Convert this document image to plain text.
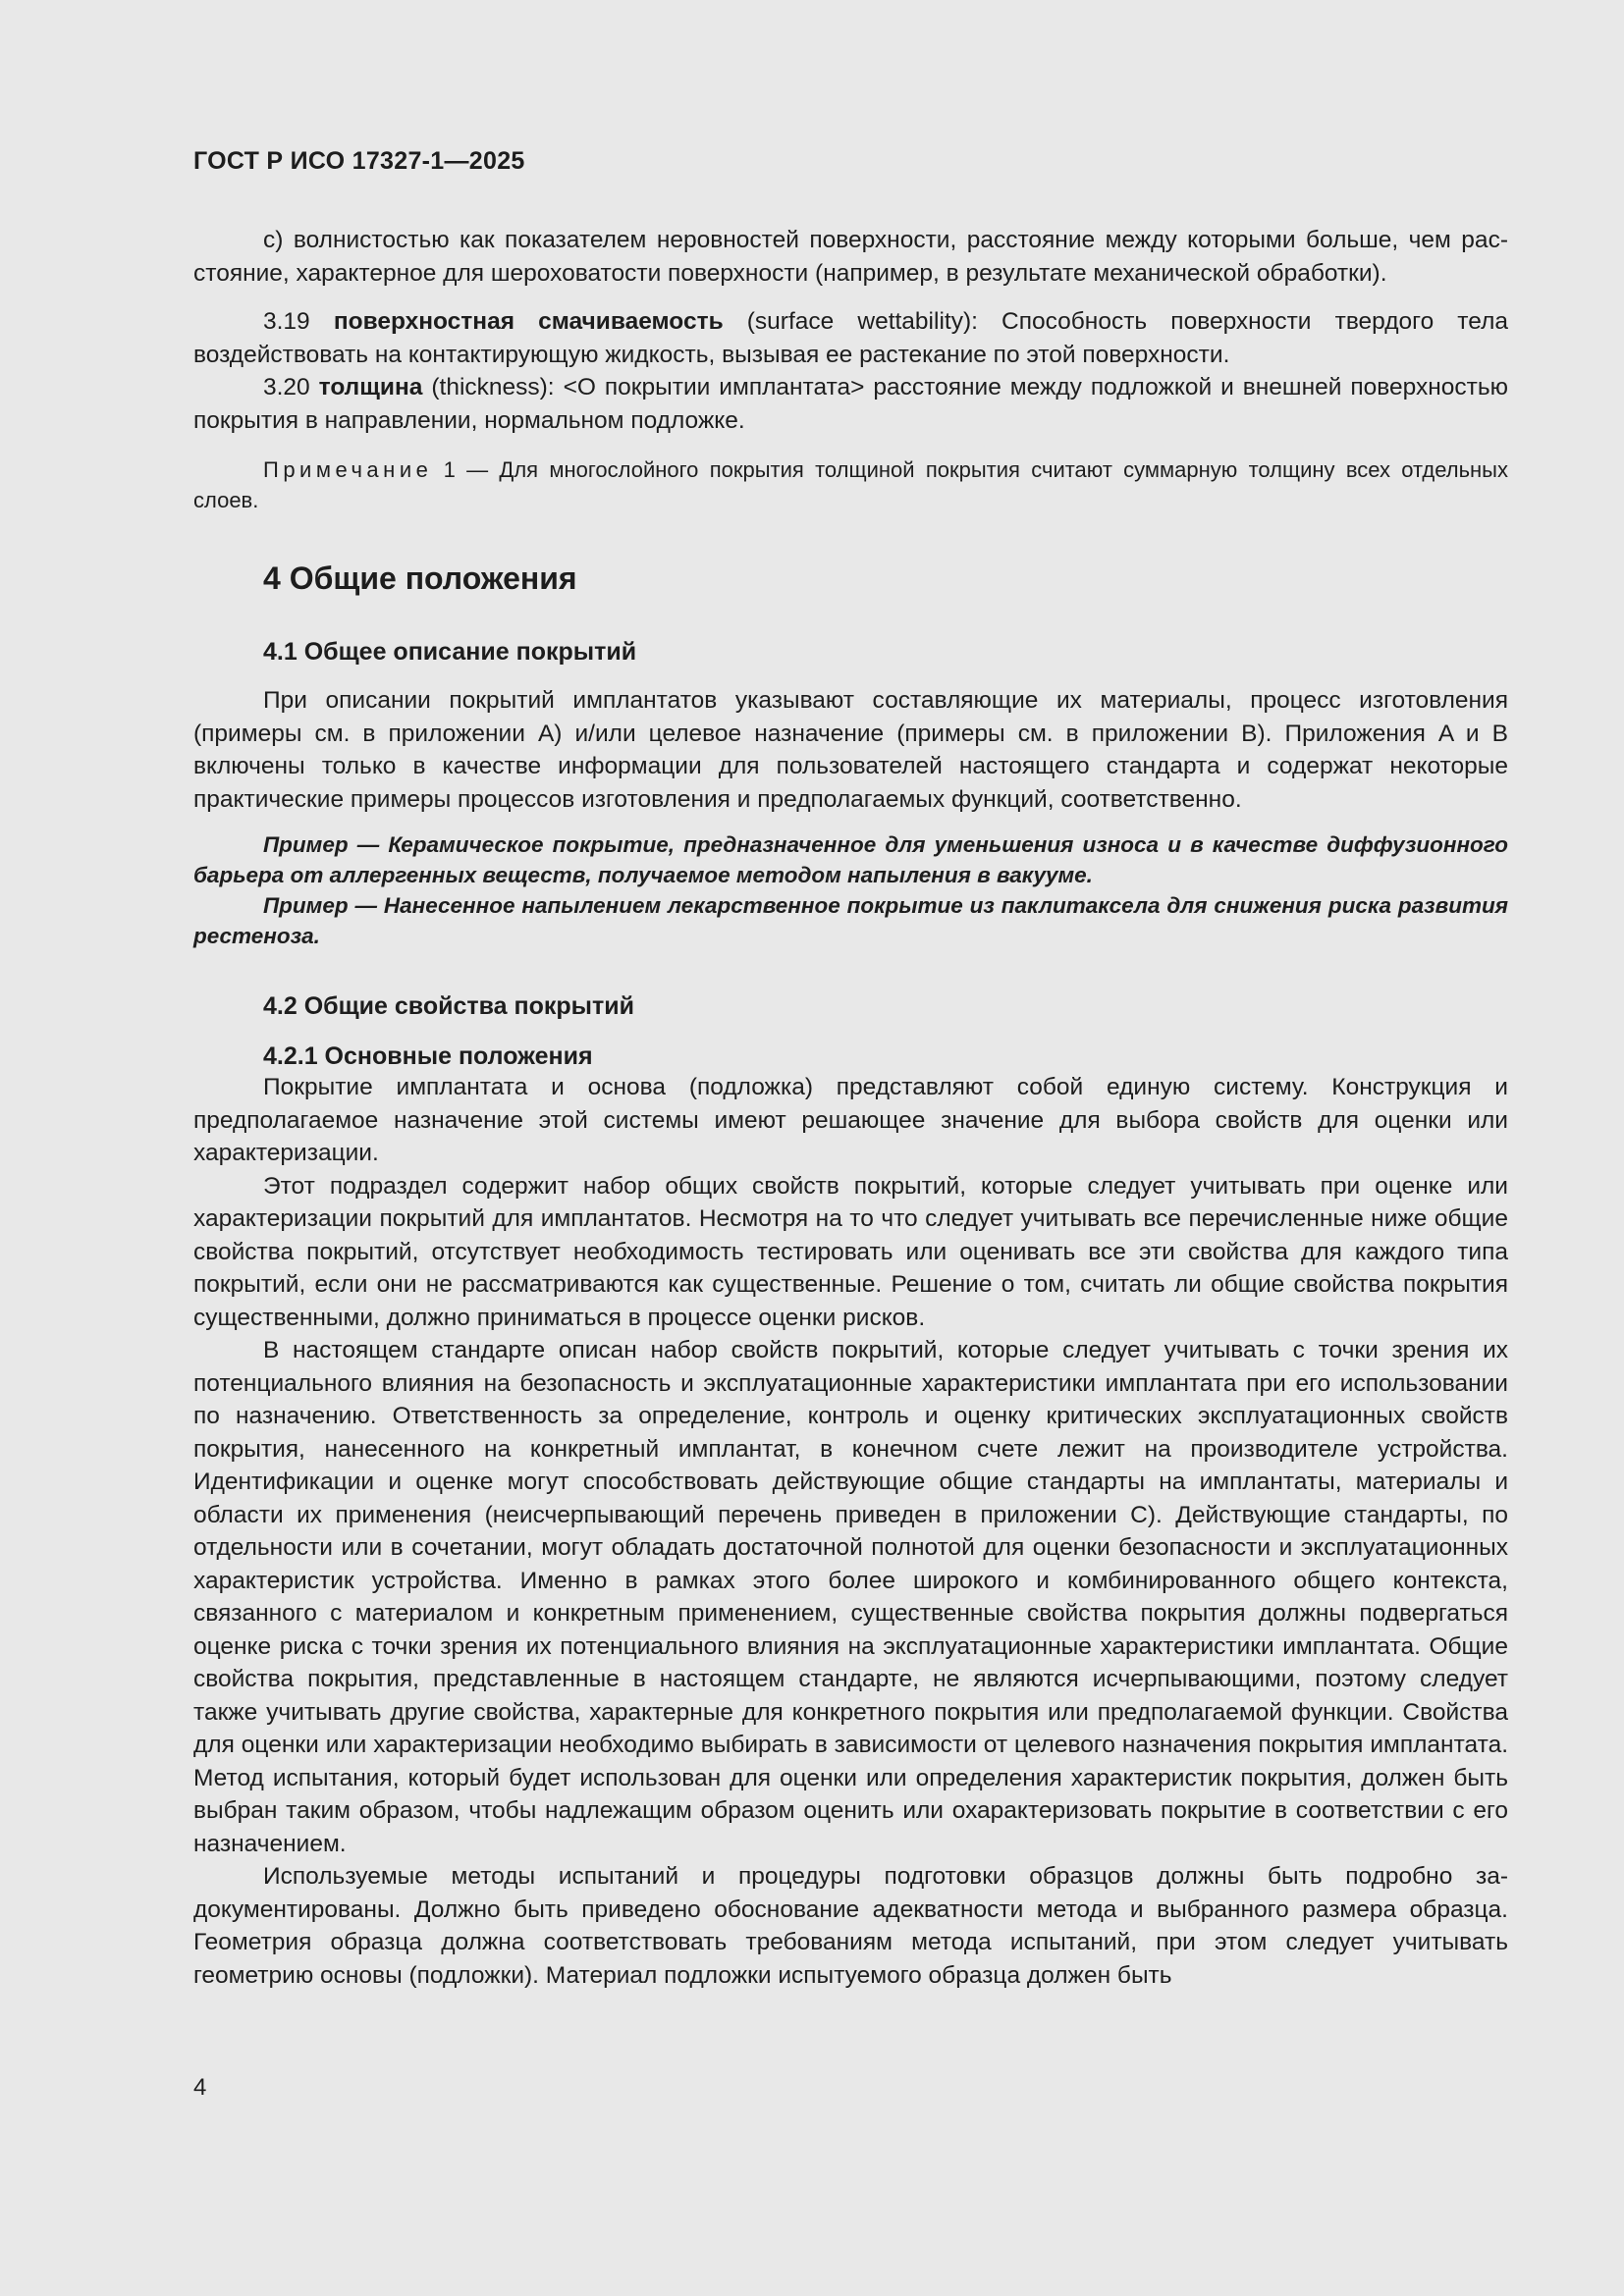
ГОСТ Р ИСО 17327-1—2025

c) волнистостью как показателем неровностей поверхности, расстояние между которыми больше, чем расстояние, характерное для шероховатости поверхности (например, в результате механической обработки).

3.19 поверхностная смачиваемость (surface wettability): Способность поверхности твердого тела воздействовать на контактирующую жидкость, вызывая ее растекание по этой поверхности.

3.20 толщина (thickness): <О покрытии имплантата> расстояние между подложкой и внешней поверхностью покрытия в направлении, нормальном подложке.

Примечание 1 — Для многослойного покрытия толщиной покрытия считают суммарную толщину всех отдельных слоев.

4 Общие положения
4.1 Общее описание покрытий

При описании покрытий имплантатов указывают составляющие их материалы, процесс изготовления (примеры см. в приложении A) и/или целевое назначение (примеры см. в приложении B). Приложения A и B включены только в качестве информации для пользователей настоящего стандарта и содержат некоторые практические примеры процессов изготовления и предполагаемых функций, соответственно.

Пример — Керамическое покрытие, предназначенное для уменьшения износа и в качестве диффузионного барьера от аллергенных веществ, получаемое методом напыления в вакууме.

Пример — Нанесенное напылением лекарственное покрытие из паклитаксела для снижения риска развития рестеноза.

4.2 Общие свойства покрытий
4.2.1 Основные положения

Покрытие имплантата и основа (подложка) представляют собой единую систему. Конструкция и предполагаемое назначение этой системы имеют решающее значение для выбора свойств для оценки или характеризации.

Этот подраздел содержит набор общих свойств покрытий, которые следует учитывать при оценке или характеризации покрытий для имплантатов. Несмотря на то что следует учитывать все перечисленные ниже общие свойства покрытий, отсутствует необходимость тестировать или оценивать все эти свойства для каждого типа покрытий, если они не рассматриваются как существенные. Решение о том, считать ли общие свойства покрытия существенными, должно приниматься в процессе оценки рисков.

В настоящем стандарте описан набор свойств покрытий, которые следует учитывать с точки зрения их потенциального влияния на безопасность и эксплуатационные характеристики имплантата при его использовании по назначению. Ответственность за определение, контроль и оценку критических эксплуатационных свойств покрытия, нанесенного на конкретный имплантат, в конечном счете лежит на производителе устройства. Идентификации и оценке могут способствовать действующие общие стандарты на имплантаты, материалы и области их применения (неисчерпывающий перечень приведен в приложении C). Действующие стандарты, по отдельности или в сочетании, могут обладать достаточной полнотой для оценки безопасности и эксплуатационных характеристик устройства. Именно в рамках этого более широкого и комбинированного общего контекста, связанного с материалом и конкретным применением, существенные свойства покрытия должны подвергаться оценке риска с точки зрения их потенциального влияния на эксплуатационные характеристики имплантата. Общие свойства покрытия, представленные в настоящем стандарте, не являются исчерпывающими, поэтому следует также учитывать другие свойства, характерные для конкретного покрытия или предполагаемой функции. Свойства для оценки или характеризации необходимо выбирать в зависимости от целевого назначения покрытия имплантата. Метод испытания, который будет использован для оценки или определения характеристик покрытия, должен быть выбран таким образом, чтобы надлежащим образом оценить или охарактеризовать покрытие в соответствии с его назначением.

Используемые методы испытаний и процедуры подготовки образцов должны быть подробно задокументированы. Должно быть приведено обоснование адекватности метода и выбранного размера образца. Геометрия образца должна соответствовать требованиям метода испытаний, при этом следует учитывать геометрию основы (подложки). Материал подложки испытуемого образца должен быть

4
